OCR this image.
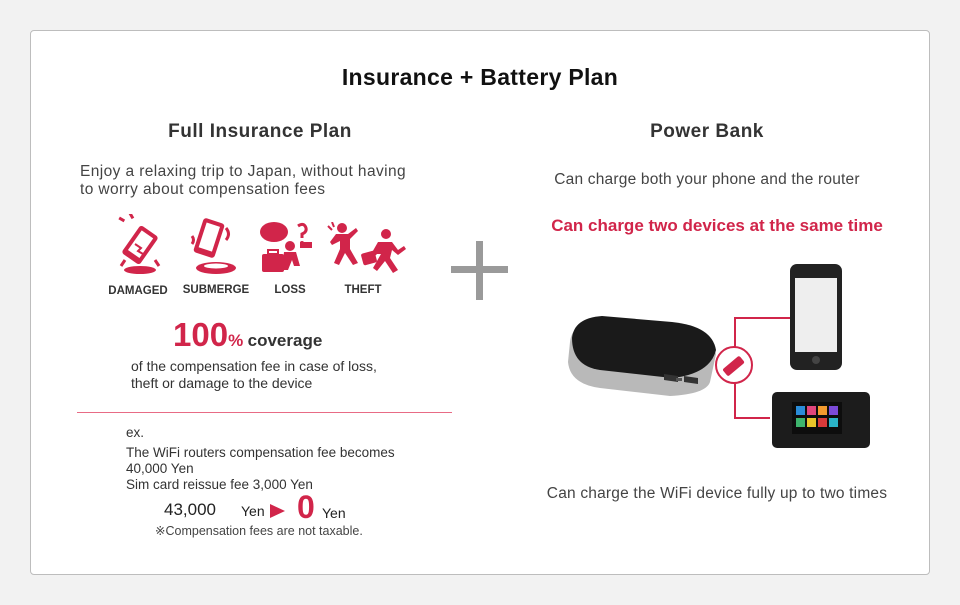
Insurance + Battery Plan
Full Insurance Plan
Enjoy a relaxing trip to Japan, without having
to worry about compensation fees
DAMAGED	SUBMERGE	LOSS	THEFT
100% coverage
of the compensation fee in case of loss,
theft or damage to the device
ex.
The WiFi routers compensation fee becomes
40,000 Yen
Sim card reissue fee 3,000 Yen
43,000 Yen 0 Yen
※Compensation fees are not taxable.
Power Bank
Can charge both your phone and the router
Can charge two devices at the same time
Can charge the WiFi device fully up to two times
